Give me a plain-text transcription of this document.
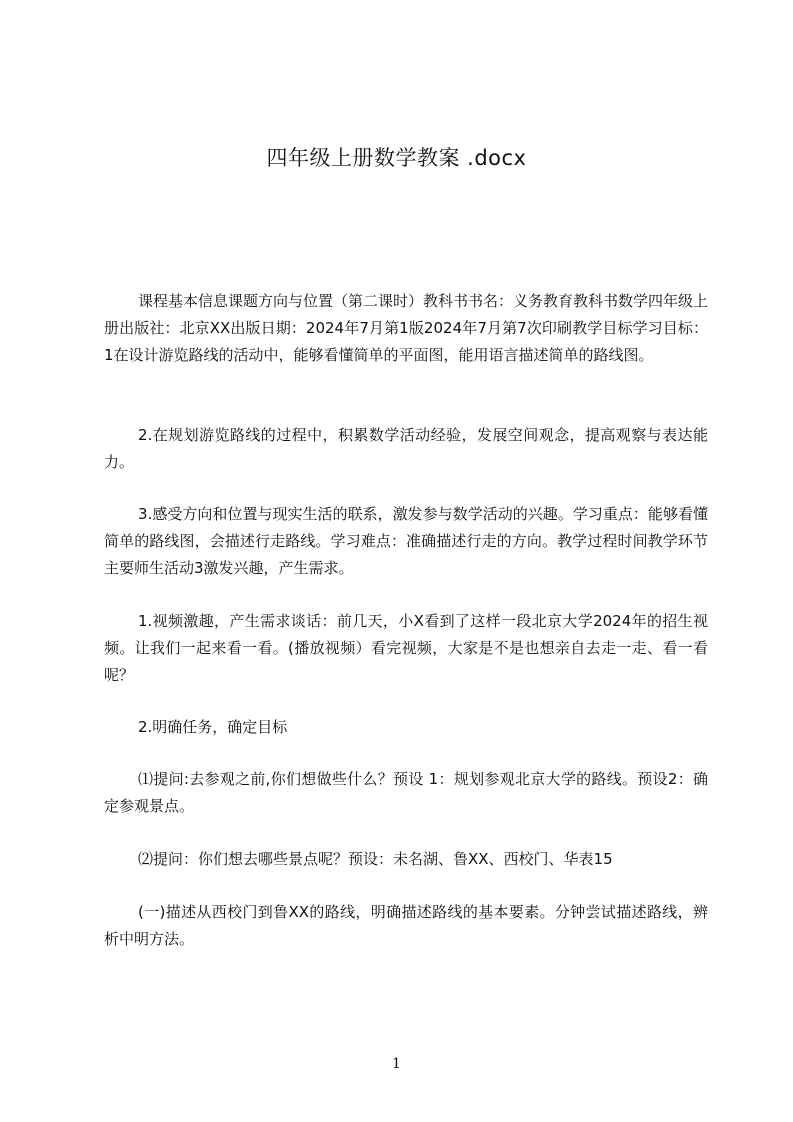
四年级上册数学教案 .docx

课程基本信息课题方向与位置（第二课时）教科书书名：义务教育教科书数学四年级上册出版社：北京XX出版日期：2024年7月第1版2024年7月第7次印刷教学目标学习目标：1在设计游览路线的活动中，能够看懂简单的平面图，能用语言描述简单的路线图。

2.在规划游览路线的过程中，积累数学活动经验，发展空间观念，提高观察与表达能力。

3.感受方向和位置与现实生活的联系，激发参与数学活动的兴趣。学习重点：能够看懂简单的路线图，会描述行走路线。学习难点：准确描述行走的方向。教学过程时间教学环节主要师生活动3激发兴趣，产生需求。

1.视频激趣，产生需求谈话：前几天，小X看到了这样一段北京大学2024年的招生视频。让我们一起来看一看。(播放视频）看完视频，大家是不是也想亲自去走一走、看一看呢？

2.明确任务，确定目标

⑴提问:去参观之前,你们想做些什么？预设 1：规划参观北京大学的路线。预设2：确定参观景点。

⑵提问：你们想去哪些景点呢？预设：未名湖、鲁XX、西校门、华表15

(一)描述从西校门到鲁XX的路线，明确描述路线的基本要素。分钟尝试描述路线，辨析中明方法。

1
